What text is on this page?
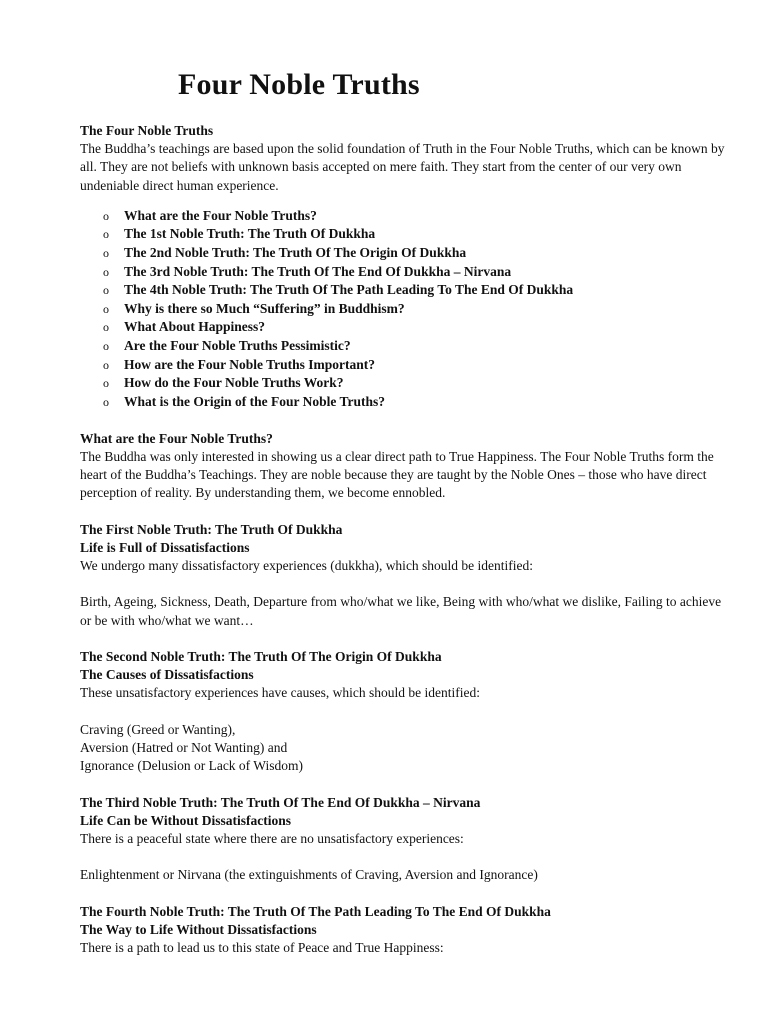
Four Noble Truths

The Four Noble Truths

The Buddha’s teachings are based upon the solid foundation of Truth in the Four Noble Truths, which can be known by all. They are not beliefs with unknown basis accepted on mere faith. They start from the center of our very own undeniable direct human experience.

o What are the Four Noble Truths?
o The 1st Noble Truth: The Truth Of Dukkha
o The 2nd Noble Truth: The Truth Of The Origin Of Dukkha
o The 3rd Noble Truth: The Truth Of The End Of Dukkha – Nirvana
o The 4th Noble Truth: The Truth Of The Path Leading To The End Of Dukkha
o Why is there so Much “Suffering” in Buddhism?
o What About Happiness?
o Are the Four Noble Truths Pessimistic?
o How are the Four Noble Truths Important?
o How do the Four Noble Truths Work?
o What is the Origin of the Four Noble Truths?

What are the Four Noble Truths?

The Buddha was only interested in showing us a clear direct path to True Happiness. The Four Noble Truths form the heart of the Buddha’s Teachings. They are noble because they are taught by the Noble Ones – those who have direct perception of reality. By understanding them, we become ennobled.

The First Noble Truth: The Truth Of Dukkha

Life is Full of Dissatisfactions

We undergo many dissatisfactory experiences (dukkha), which should be identified:

Birth, Ageing, Sickness, Death, Departure from who/what we like, Being with who/what we dislike, Failing to achieve or be with who/what we want…

The Second Noble Truth: The Truth Of The Origin Of Dukkha

The Causes of Dissatisfactions

These unsatisfactory experiences have causes, which should be identified:

Craving (Greed or Wanting),

Aversion (Hatred or Not Wanting) and

Ignorance (Delusion or Lack of Wisdom)

The Third Noble Truth: The Truth Of The End Of Dukkha – Nirvana

Life Can be Without Dissatisfactions

There is a peaceful state where there are no unsatisfactory experiences:

Enlightenment or Nirvana (the extinguishments of Craving, Aversion and Ignorance)

The Fourth Noble Truth: The Truth Of The Path Leading To The End Of Dukkha

The Way to Life Without Dissatisfactions

There is a path to lead us to this state of Peace and True Happiness:
